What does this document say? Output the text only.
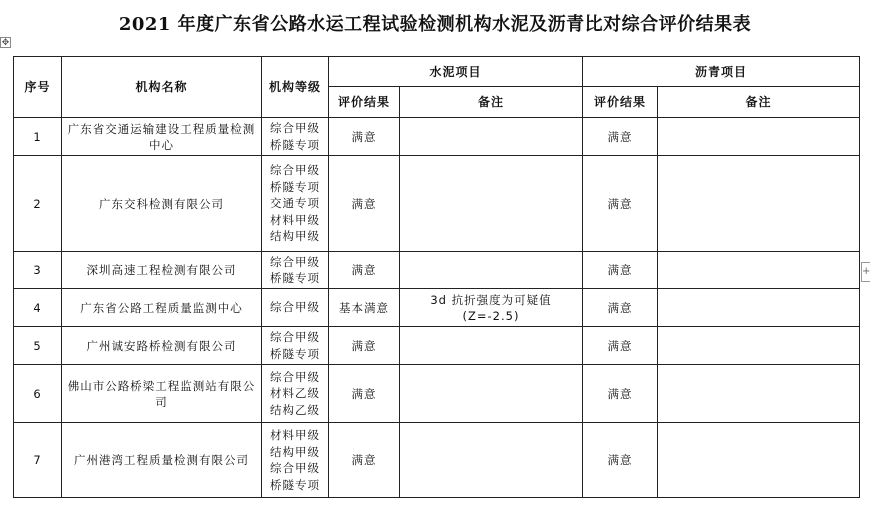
2021 年度广东省公路水运工程试验检测机构水泥及沥青比对综合评价结果表
✥
+
序号	机构名称	机构等级	水泥项目		沥青项目	
			评价结果	备注	评价结果	备注
1	广东省交通运输建设工程质量检测中心	综合甲级
桥隧专项	满意		满意	
2	广东交科检测有限公司	综合甲级
桥隧专项
交通专项
材料甲级
结构甲级	满意		满意	
3	深圳高速工程检测有限公司	综合甲级
桥隧专项	满意		满意	
4	广东省公路工程质量监测中心	综合甲级	基本满意	3d 抗折强度为可疑值(Z=-2.5)	满意	
5	广州诚安路桥检测有限公司	综合甲级
桥隧专项	满意		满意	
6	佛山市公路桥梁工程监测站有限公司	综合甲级
材料乙级
结构乙级	满意		满意	
7	广州港湾工程质量检测有限公司	材料甲级
结构甲级
综合甲级
桥隧专项	满意		满意	
